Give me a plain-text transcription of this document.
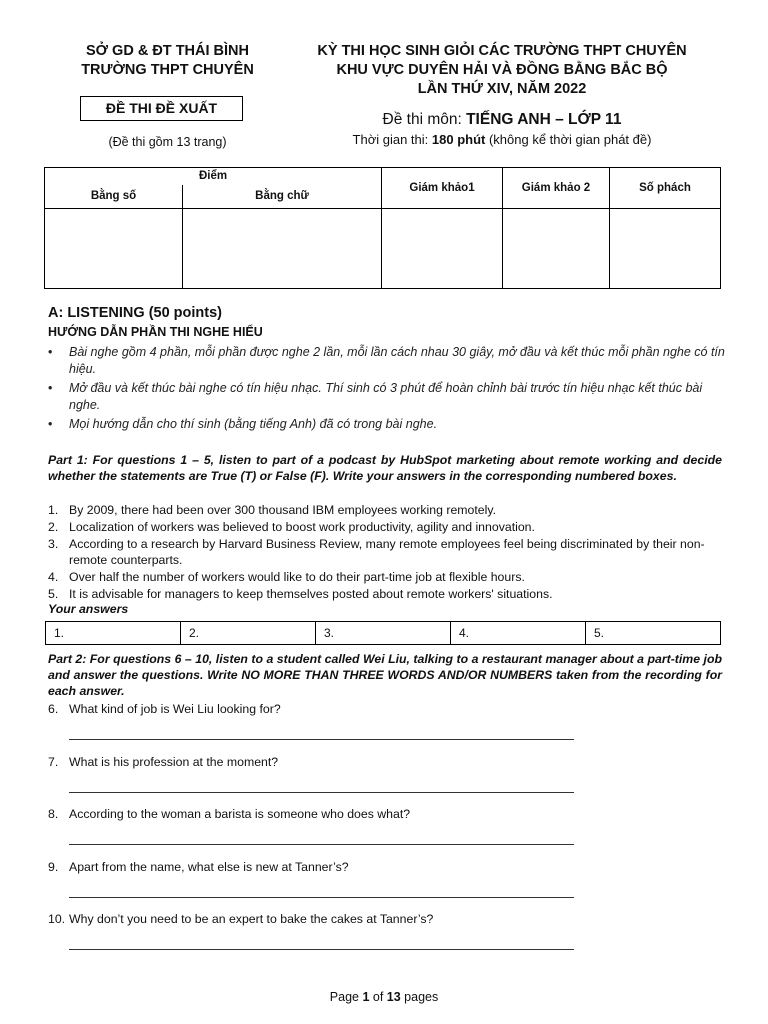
SỞ GD & ĐT THÁI BÌNH
TRƯỜNG THPT CHUYÊN
ĐỀ THI ĐỀ XUẤT
(Đề thi gồm 13 trang)
KỲ THI HỌC SINH GIỎI CÁC TRƯỜNG THPT CHUYÊN
KHU VỰC DUYÊN HẢI VÀ ĐỒNG BẰNG BẮC BỘ
LẦN THỨ XIV, NĂM 2022
Đề thi môn: TIẾNG ANH – LỚP 11
Thời gian thi: 180 phút (không kể thời gian phát đề)
Điểm		Giám khảo1	Giám khảo 2	Số phách
Bằng số	Bằng chữ			

A: LISTENING (50 points)
HƯỚNG DẪN PHẦN THI NGHE HIỂU
• Bài nghe gồm 4 phần, mỗi phần được nghe 2 lần, mỗi lần cách nhau 30 giây, mở đầu và kết thúc mỗi phần nghe có tín hiệu.
• Mở đầu và kết thúc bài nghe có tín hiệu nhạc. Thí sinh có 3 phút để hoàn chỉnh bài trước tín hiệu nhạc kết thúc bài nghe.
• Mọi hướng dẫn cho thí sinh (bằng tiếng Anh) đã có trong bài nghe.
Part 1: For questions 1 – 5, listen to part of a podcast by HubSpot marketing about remote working and decide whether the statements are True (T) or False (F). Write your answers in the corresponding numbered boxes.
1. By 2009, there had been over 300 thousand IBM employees working remotely.
2. Localization of workers was believed to boost work productivity, agility and innovation.
3. According to a research by Harvard Business Review, many remote employees feel being discriminated by their non-remote counterparts.
4. Over half the number of workers would like to do their part-time job at flexible hours.
5. It is advisable for managers to keep themselves posted about remote workers' situations.
Your answers
1.	2.	3.	4.	5.
Part 2: For questions 6 – 10, listen to a student called Wei Liu, talking to a restaurant manager about a part-time job and answer the questions. Write NO MORE THAN THREE WORDS AND/OR NUMBERS taken from the recording for each answer.
6. What kind of job is Wei Liu looking for?
7. What is his profession at the moment?
8. According to the woman a barista is someone who does what?
9. Apart from the name, what else is new at Tanner’s?
10. Why don’t you need to be an expert to bake the cakes at Tanner’s?
Page 1 of 13 pages
